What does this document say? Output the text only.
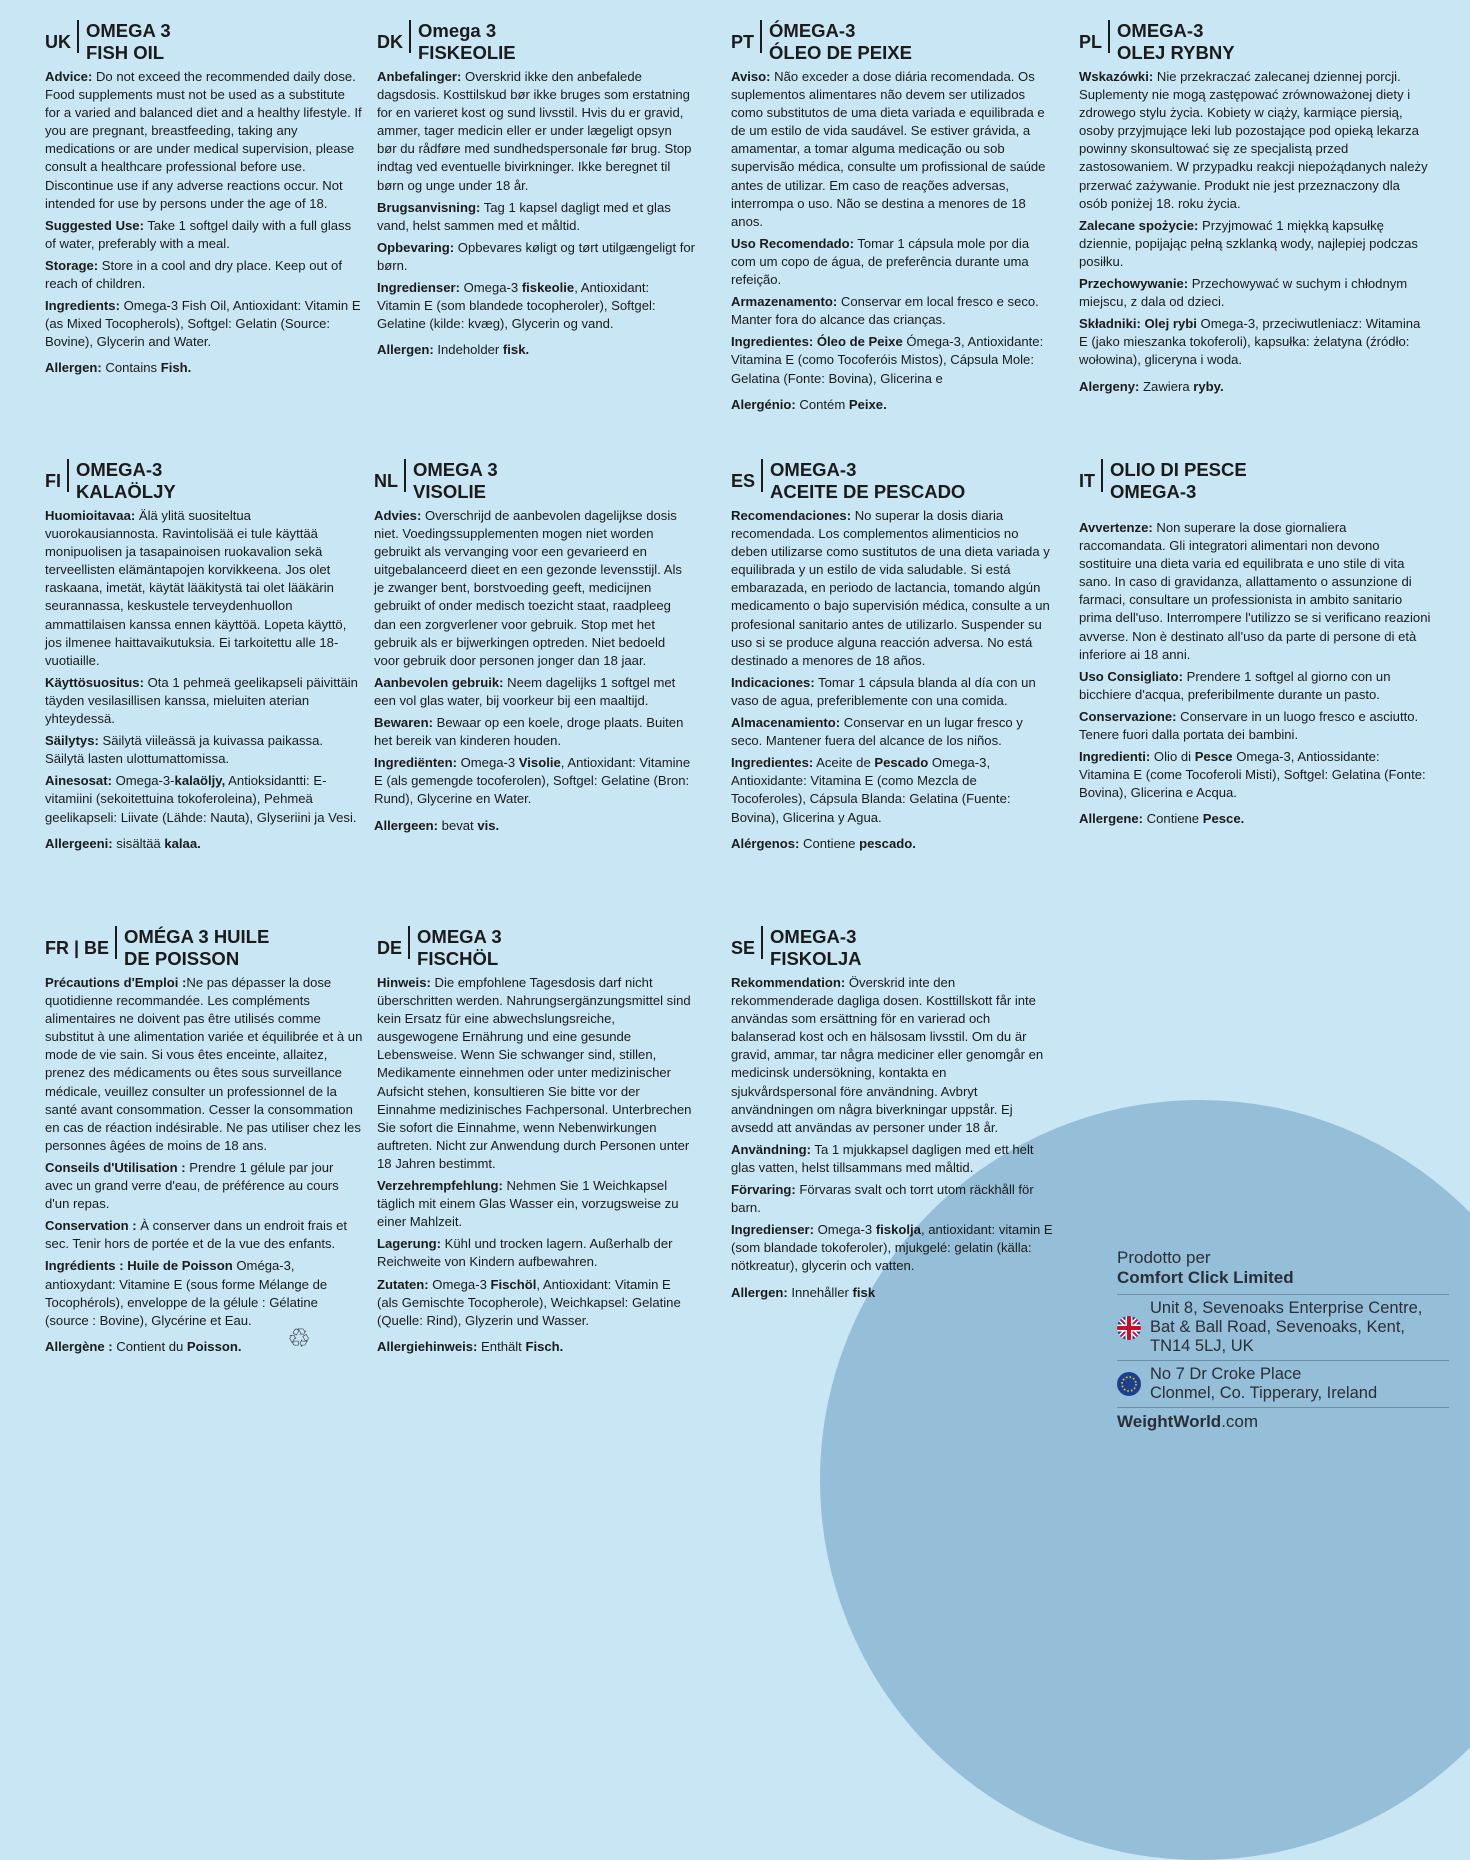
UK
OMEGA 3
FISH OIL

Advice: Do not exceed the recommended daily dose. Food supplements must not be used as a substitute for a varied and balanced diet and a healthy lifestyle. If you are pregnant, breastfeeding, taking any medications or are under medical supervision, please consult a healthcare professional before use. Discontinue use if any adverse reactions occur. Not intended for use by persons under the age of 18.

Suggested Use: Take 1 softgel daily with a full glass of water, preferably with a meal.

Storage: Store in a cool and dry place. Keep out of reach of children.

Ingredients: Omega-3 Fish Oil, Antioxidant: Vitamin E (as Mixed Tocopherols), Softgel: Gelatin (Source: Bovine), Glycerin and Water.

Allergen: Contains Fish.

DK
Omega 3
FISKEOLIE

Anbefalinger: Overskrid ikke den anbefalede dagsdosis. Kosttilskud bør ikke bruges som erstatning for en varieret kost og sund livsstil. Hvis du er gravid, ammer, tager medicin eller er under lægeligt opsyn bør du rådføre med sundhedspersonale før brug. Stop indtag ved eventuelle bivirkninger. Ikke beregnet til børn og unge under 18 år.

Brugsanvisning: Tag 1 kapsel dagligt med et glas vand, helst sammen med et måltid.

Opbevaring: Opbevares køligt og tørt utilgængeligt for børn.

Ingredienser: Omega-3 fiskeolie, Antioxidant: Vitamin E (som blandede tocopheroler), Softgel: Gelatine (kilde: kvæg), Glycerin og vand.

Allergen: Indeholder fisk.

PT
ÓMEGA-3
ÓLEO DE PEIXE

Aviso: Não exceder a dose diária recomendada. Os suplementos alimentares não devem ser utilizados como substitutos de uma dieta variada e equilibrada e de um estilo de vida saudável. Se estiver grávida, a amamentar, a tomar alguma medicação ou sob supervisão médica, consulte um profissional de saúde antes de utilizar. Em caso de reações adversas, interrompa o uso. Não se destina a menores de 18 anos.

Uso Recomendado: Tomar 1 cápsula mole por dia com um copo de água, de preferência durante uma refeição.

Armazenamento: Conservar em local fresco e seco. Manter fora do alcance das crianças.

Ingredientes: Óleo de Peixe Ómega-3, Antioxidante: Vitamina E (como Tocoferóis Mistos), Cápsula Mole: Gelatina (Fonte: Bovina), Glicerina e

Alergénio: Contém Peixe.

PL
OMEGA-3
OLEJ RYBNY

Wskazówki: Nie przekraczać zalecanej dziennej porcji. Suplementy nie mogą zastępować zrównoważonej diety i zdrowego stylu życia. Kobiety w ciąży, karmiące piersią, osoby przyjmujące leki lub pozostające pod opieką lekarza powinny skonsultować się ze specjalistą przed zastosowaniem. W przypadku reakcji niepożądanych należy przerwać zażywanie. Produkt nie jest przeznaczony dla osób poniżej 18. roku życia.

Zalecane spożycie: Przyjmować 1 miękką kapsułkę dziennie, popijając pełną szklanką wody, najlepiej podczas posiłku.

Przechowywanie: Przechowywać w suchym i chłodnym miejscu, z dala od dzieci.

Składniki: Olej rybi Omega-3, przeciwutleniacz: Witamina E (jako mieszanka tokoferoli), kapsułka: żelatyna (źródło: wołowina), gliceryna i woda.

Alergeny: Zawiera ryby.

FI
OMEGA-3
KALAÖLJY

Huomioitavaa: Älä ylitä suositeltua vuorokausiannosta. Ravintolisää ei tule käyttää monipuolisen ja tasapainoisen ruokavalion sekä terveellisten elämäntapojen korvikkeena. Jos olet raskaana, imetät, käytät lääkitystä tai olet lääkärin seurannassa, keskustele terveydenhuollon ammattilaisen kanssa ennen käyttöä. Lopeta käyttö, jos ilmenee haittavaikutuksia. Ei tarkoitettu alle 18-vuotiaille.

Käyttösuositus: Ota 1 pehmeä geelikapseli päivittäin täyden vesilasillisen kanssa, mieluiten aterian yhteydessä.

Säilytys: Säilytä viileässä ja kuivassa paikassa. Säilytä lasten ulottumattomissa.

Ainesosat: Omega-3-kalaöljy, Antioksidantti: E-vitamiini (sekoitettuina tokoferoleina), Pehmeä geelikapseli: Liivate (Lähde: Nauta), Glyseriini ja Vesi.

Allergeeni: sisältää kalaa.

NL
OMEGA 3
VISOLIE

Advies: Overschrijd de aanbevolen dagelijkse dosis niet. Voedingssupplementen mogen niet worden gebruikt als vervanging voor een gevarieerd en uitgebalanceerd dieet en een gezonde levensstijl. Als je zwanger bent, borstvoeding geeft, medicijnen gebruikt of onder medisch toezicht staat, raadpleeg dan een zorgverlener voor gebruik. Stop met het gebruik als er bijwerkingen optreden. Niet bedoeld voor gebruik door personen jonger dan 18 jaar.

Aanbevolen gebruik: Neem dagelijks 1 softgel met een vol glas water, bij voorkeur bij een maaltijd.

Bewaren: Bewaar op een koele, droge plaats. Buiten het bereik van kinderen houden.

Ingrediënten: Omega-3 Visolie, Antioxidant: Vitamine E (als gemengde tocoferolen), Softgel: Gelatine (Bron: Rund), Glycerine en Water.

Allergeen: bevat vis.

ES
OMEGA-3
ACEITE DE PESCADO

Recomendaciones: No superar la dosis diaria recomendada. Los complementos alimenticios no deben utilizarse como sustitutos de una dieta variada y equilibrada y un estilo de vida saludable. Si está embarazada, en periodo de lactancia, tomando algún medicamento o bajo supervisión médica, consulte a un profesional sanitario antes de utilizarlo. Suspender su uso si se produce alguna reacción adversa. No está destinado a menores de 18 años.

Indicaciones: Tomar 1 cápsula blanda al día con un vaso de agua, preferiblemente con una comida.

Almacenamiento: Conservar en un lugar fresco y seco. Mantener fuera del alcance de los niños.

Ingredientes: Aceite de Pescado Omega-3, Antioxidante: Vitamina E (como Mezcla de Tocoferoles), Cápsula Blanda: Gelatina (Fuente: Bovina), Glicerina y Agua.

Alérgenos: Contiene pescado.

IT
OLIO DI PESCE
OMEGA-3

Avvertenze: Non superare la dose giornaliera raccomandata. Gli integratori alimentari non devono sostituire una dieta varia ed equilibrata e uno stile di vita sano. In caso di gravidanza, allattamento o assunzione di farmaci, consultare un professionista in ambito sanitario prima dell'uso. Interrompere l'utilizzo se si verificano reazioni avverse. Non è destinato all'uso da parte di persone di età inferiore ai 18 anni.

Uso Consigliato: Prendere 1 softgel al giorno con un bicchiere d'acqua, preferibilmente durante un pasto.

Conservazione: Conservare in un luogo fresco e asciutto. Tenere fuori dalla portata dei bambini.

Ingredienti: Olio di Pesce Omega-3, Antiossidante: Vitamina E (come Tocoferoli Misti), Softgel: Gelatina (Fonte: Bovina), Glicerina e Acqua.

Allergene: Contiene Pesce.

FR | BE
OMÉGA 3 HUILE
DE POISSON

Précautions d'Emploi :Ne pas dépasser la dose quotidienne recommandée. Les compléments alimentaires ne doivent pas être utilisés comme substitut à une alimentation variée et équilibrée et à un mode de vie sain. Si vous êtes enceinte, allaitez, prenez des médicaments ou êtes sous surveillance médicale, veuillez consulter un professionnel de la santé avant consommation. Cesser la consommation en cas de réaction indésirable. Ne pas utiliser chez les personnes âgées de moins de 18 ans.

Conseils d'Utilisation : Prendre 1 gélule par jour avec un grand verre d'eau, de préférence au cours d'un repas.

Conservation : À conserver dans un endroit frais et sec. Tenir hors de portée et de la vue des enfants.

Ingrédients : Huile de Poisson Oméga-3, antioxydant: Vitamine E (sous forme Mélange de Tocophérols), enveloppe de la gélule : Gélatine (source : Bovine), Glycérine et Eau.

Allergène : Contient du Poisson.

DE
OMEGA 3
FISCHÖL

Hinweis: Die empfohlene Tagesdosis darf nicht überschritten werden. Nahrungsergänzungsmittel sind kein Ersatz für eine abwechslungsreiche, ausgewogene Ernährung und eine gesunde Lebensweise. Wenn Sie schwanger sind, stillen, Medikamente einnehmen oder unter medizinischer Aufsicht stehen, konsultieren Sie bitte vor der Einnahme medizinisches Fachpersonal. Unterbrechen Sie sofort die Einnahme, wenn Nebenwirkungen auftreten. Nicht zur Anwendung durch Personen unter 18 Jahren bestimmt.

Verzehrempfehlung: Nehmen Sie 1 Weichkapsel täglich mit einem Glas Wasser ein, vorzugsweise zu einer Mahlzeit.

Lagerung: Kühl und trocken lagern. Außerhalb der Reichweite von Kindern aufbewahren.

Zutaten: Omega-3 Fischöl, Antioxidant: Vitamin E (als Gemischte Tocopherole), Weichkapsel: Gelatine (Quelle: Rind), Glyzerin und Wasser.

Allergiehinweis: Enthält Fisch.

SE
OMEGA-3
FISKOLJA

Rekommendation: Överskrid inte den rekommenderade dagliga dosen. Kosttillskott får inte användas som ersättning för en varierad och balanserad kost och en hälsosam livsstil. Om du är gravid, ammar, tar några mediciner eller genomgår en medicinsk undersökning, kontakta en sjukvårdspersonal före användning. Avbryt användningen om några biverkningar uppstår. Ej avsedd att användas av personer under 18 år.

Användning: Ta 1 mjukkapsel dagligen med ett helt glas vatten, helst tillsammans med måltid.

Förvaring: Förvaras svalt och torrt utom räckhåll för barn.

Ingredienser: Omega-3 fiskolja, antioxidant: vitamin E (som blandade tokoferoler), mjukgelé: gelatin (källa: nötkreatur), glycerin och vatten.

Allergen: Innehåller fisk

♲
Prodotto per
Comfort Click Limited
Unit 8, Sevenoaks Enterprise Centre,
Bat & Ball Road, Sevenoaks, Kent,
TN14 5LJ, UK
No 7 Dr Croke Place
Clonmel, Co. Tipperary, Ireland
WeightWorld.com
